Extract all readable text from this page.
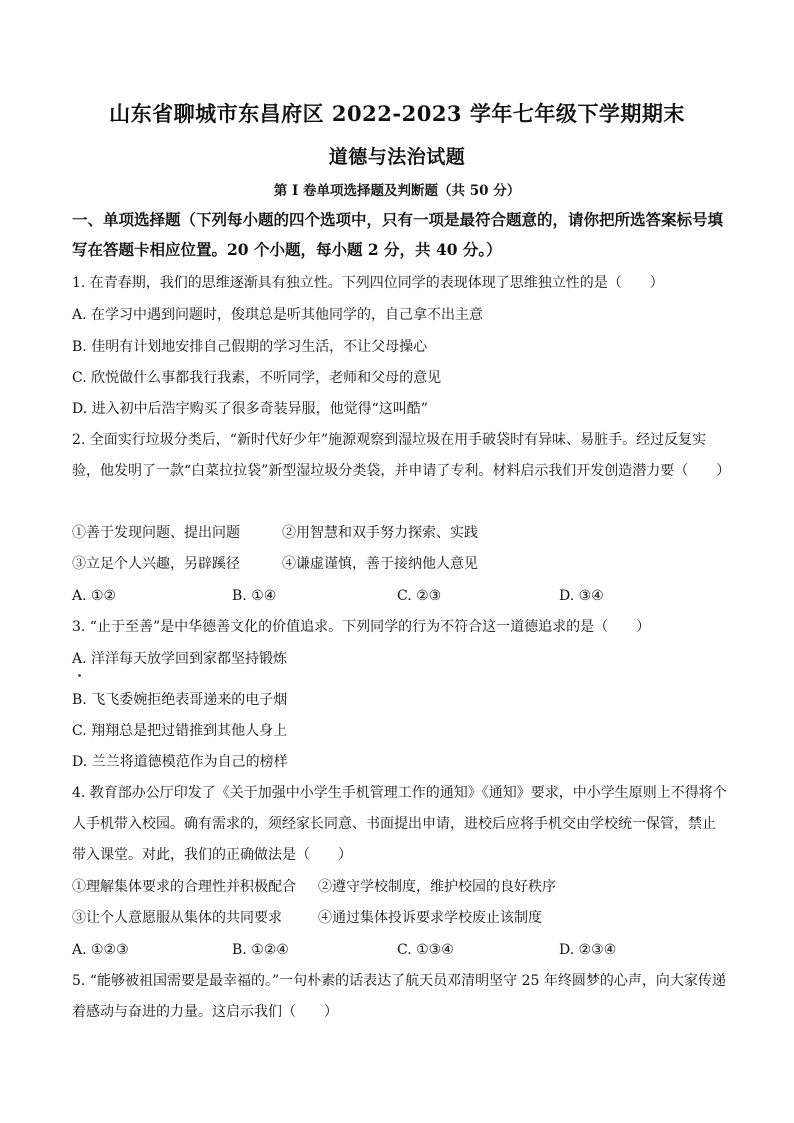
山东省聊城市东昌府区 2022-2023 学年七年级下学期期末
道德与法治试题
第 I 卷单项选择题及判断题（共 50 分）
一、单项选择题（下列每小题的四个选项中，只有一项是最符合题意的，请你把所选答案标号填写在答题卡相应位置。20 个小题，每小题 2 分，共 40 分。）
1. 在青春期，我们的思维逐渐具有独立性。下列四位同学的表现体现了思维独立性的是（　　）
A. 在学习中遇到问题时，俊琪总是听其他同学的，自己拿不出主意
B. 佳明有计划地安排自己假期的学习生活，不让父母操心
C. 欣悦做什么事都我行我素，不听同学，老师和父母的意见
D. 进入初中后浩宇购买了很多奇装异服，他觉得“这叫酷”
2. 全面实行垃圾分类后，“新时代好少年”施源观察到湿垃圾在用手破袋时有异味、易脏手。经过反复实验，他发明了一款“白菜拉拉袋”新型湿垃圾分类袋，并申请了专利。材料启示我们开发创造潜力要（　　）
①善于发现问题、提出问题	②用智慧和双手努力探索、实践
③立足个人兴趣，另辟蹊径	④谦虚谨慎，善于接纳他人意见
A. ①②	B. ①④	C. ②③	D. ③④
3. “止于至善”是中华德善文化的价值追求。下列同学的行为不符合这一道德追求的是（　　）
A. 洋洋每天放学回到家都坚持锻炼
B. 飞飞委婉拒绝表哥递来的电子烟
C. 翔翔总是把过错推到其他人身上
D. 兰兰将道德模范作为自己的榜样
4. 教育部办公厅印发了《关于加强中小学生手机管理工作的通知》《通知》要求，中小学生原则上不得将个人手机带入校园。确有需求的，须经家长同意、书面提出申请，进校后应将手机交由学校统一保管，禁止带入课堂。对此，我们的正确做法是（　　）
①理解集体要求的合理性并积极配合	②遵守学校制度，维护校园的良好秩序
③让个人意愿服从集体的共同要求	④通过集体投诉要求学校废止该制度
A. ①②③	B. ①②④	C. ①③④	D. ②③④
5. “能够被祖国需要是最幸福的。”一句朴素的话表达了航天员邓清明坚守 25 年终圆梦的心声，向大家传递着感动与奋进的力量。这启示我们（　　）
